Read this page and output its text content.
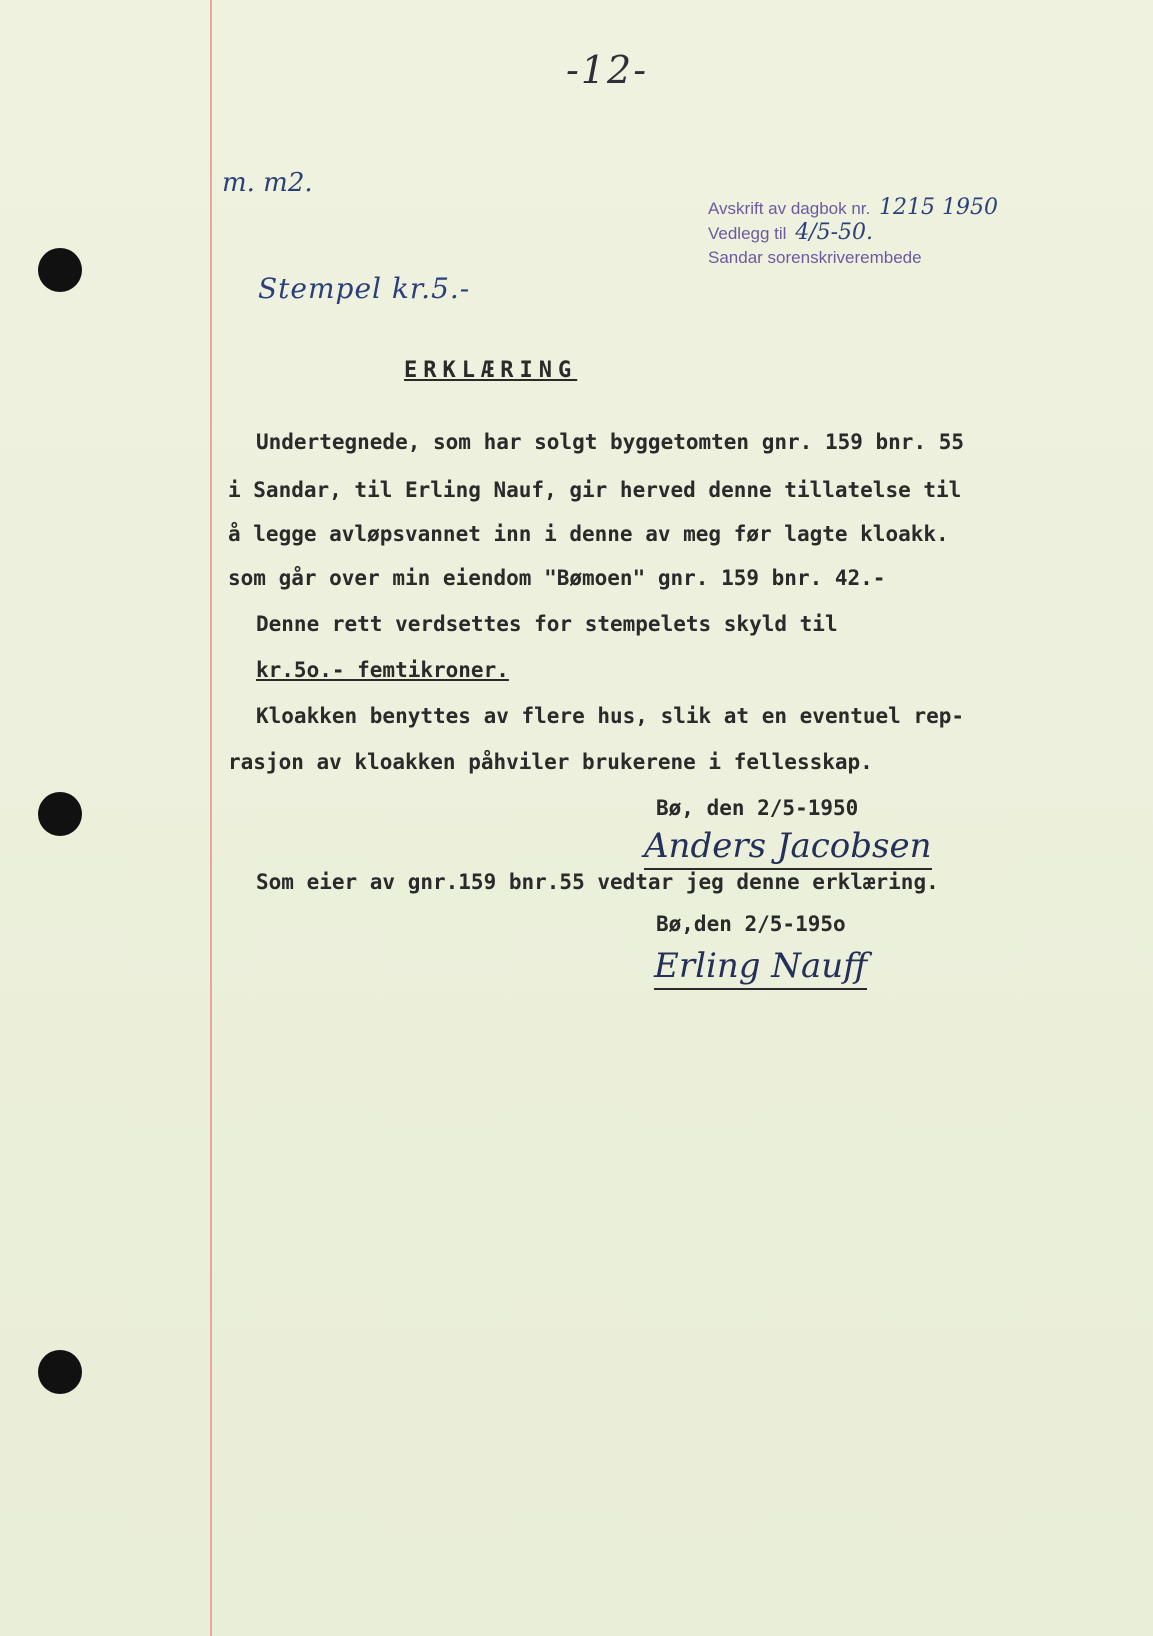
-12-
m. m2.
Avskrift av dagbok nr. 1215 1950
Vedlegg til 4/5-50.
Sandar sorenskriverembede
Stempel kr.5.-
ERKLÆRING
Undertegnede, som har solgt byggetomten gnr. 159 bnr. 55
i Sandar, til Erling Nauf, gir herved denne tillatelse til
å legge avløpsvannet inn i denne av meg før lagte kloakk.
som går over min eiendom "Bømoen" gnr. 159 bnr. 42.-
Denne rett verdsettes for stempelets skyld til
kr.5o.- femtikroner.
Kloakken benyttes av flere hus, slik at en eventuel rep-
rasjon av kloakken påhviler brukerene i fellesskap.
Bø, den 2/5-1950
Anders Jacobsen
Som eier av gnr.159 bnr.55 vedtar jeg denne erklæring.
Bø,den 2/5-195o
Erling Nauff
